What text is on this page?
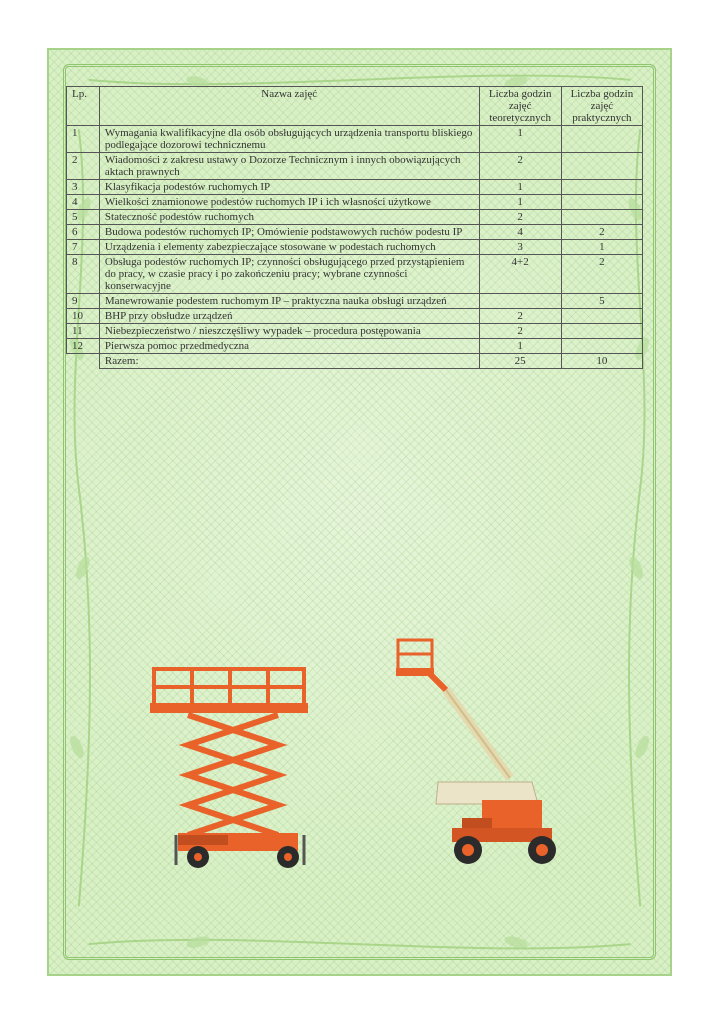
Lp.	Nazwa zajęć	Liczba godzin zajęć teoretycznych	Liczba godzin zajęć praktycznych
1	Wymagania kwalifikacyjne dla osób obsługujących urządzenia transportu bliskiego podlegające dozorowi technicznemu	1	
2	Wiadomości z zakresu ustawy o Dozorze Technicznym i innych obowiązujących aktach prawnych	2	
3	Klasyfikacja podestów ruchomych IP	1	
4	Wielkości znamionowe podestów ruchomych IP i ich własności użytkowe	1	
5	Stateczność podestów ruchomych	2	
6	Budowa podestów ruchomych IP; Omówienie podstawowych ruchów podestu IP	4	2
7	Urządzenia i elementy zabezpieczające stosowane w podestach ruchomych	3	1
8	Obsługa podestów ruchomych IP; czynności obsługującego przed przystąpieniem do pracy, w czasie pracy i po zakończeniu pracy; wybrane czynności konserwacyjne	4+2	2
9	Manewrowanie podestem ruchomym IP – praktyczna nauka obsługi urządzeń		5
10	BHP przy obsłudze urządzeń	2	
11	Niebezpieczeństwo / nieszczęśliwy wypadek – procedura postępowania	2	
12	Pierwsza pomoc przedmedyczna	1	
	Razem:	25	10
